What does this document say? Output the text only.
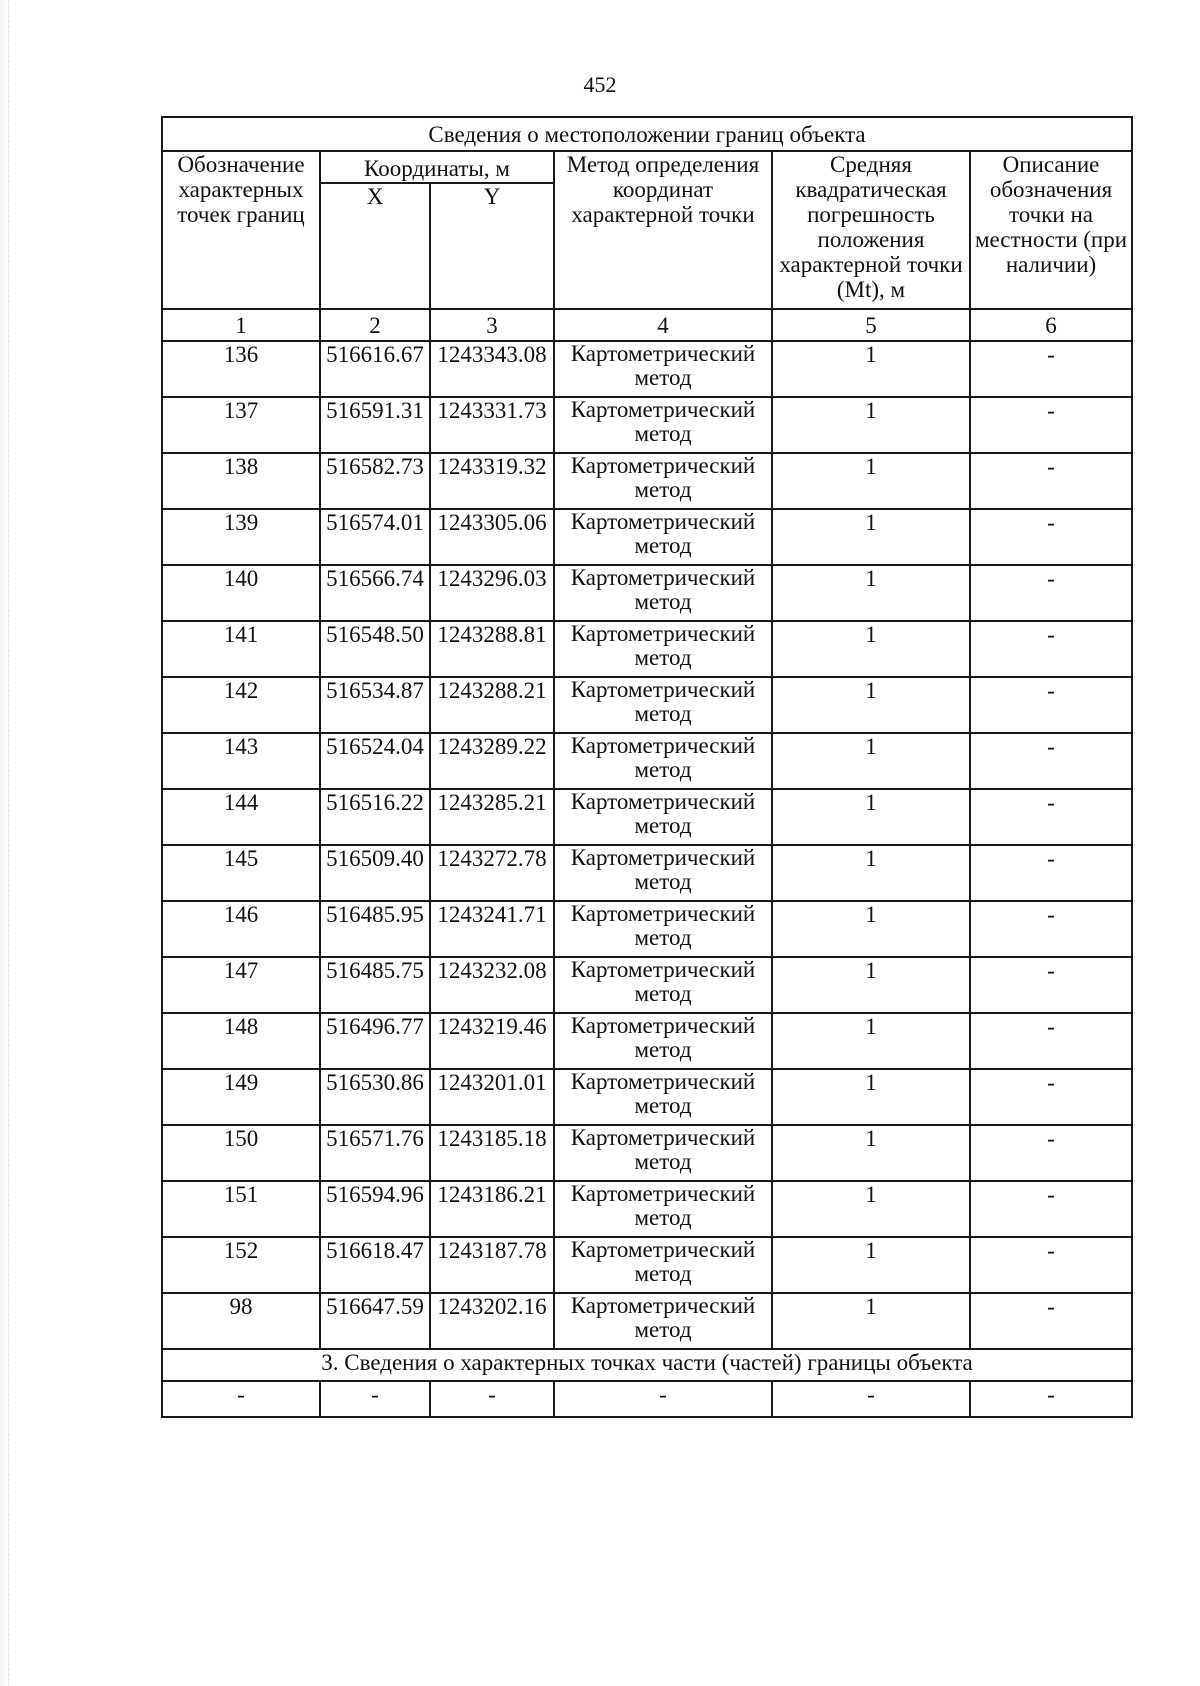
452
Сведения о местоположении границ объекта					
Обозначение характерных точек границ	Координаты, м		Метод определения координат характерной точки	Средняя квадратическая погрешность положения характерной точки (Mt), м	Описание обозначения точки на местности (при наличии)
	X	Y			
1	2	3	4	5	6
136	516616.67	1243343.08	Картометрический метод	1	-
137	516591.31	1243331.73	Картометрический метод	1	-
138	516582.73	1243319.32	Картометрический метод	1	-
139	516574.01	1243305.06	Картометрический метод	1	-
140	516566.74	1243296.03	Картометрический метод	1	-
141	516548.50	1243288.81	Картометрический метод	1	-
142	516534.87	1243288.21	Картометрический метод	1	-
143	516524.04	1243289.22	Картометрический метод	1	-
144	516516.22	1243285.21	Картометрический метод	1	-
145	516509.40	1243272.78	Картометрический метод	1	-
146	516485.95	1243241.71	Картометрический метод	1	-
147	516485.75	1243232.08	Картометрический метод	1	-
148	516496.77	1243219.46	Картометрический метод	1	-
149	516530.86	1243201.01	Картометрический метод	1	-
150	516571.76	1243185.18	Картометрический метод	1	-
151	516594.96	1243186.21	Картометрический метод	1	-
152	516618.47	1243187.78	Картометрический метод	1	-
98	516647.59	1243202.16	Картометрический метод	1	-
3. Сведения о характерных точках части (частей) границы объекта					
-	-	-	-	-	-
